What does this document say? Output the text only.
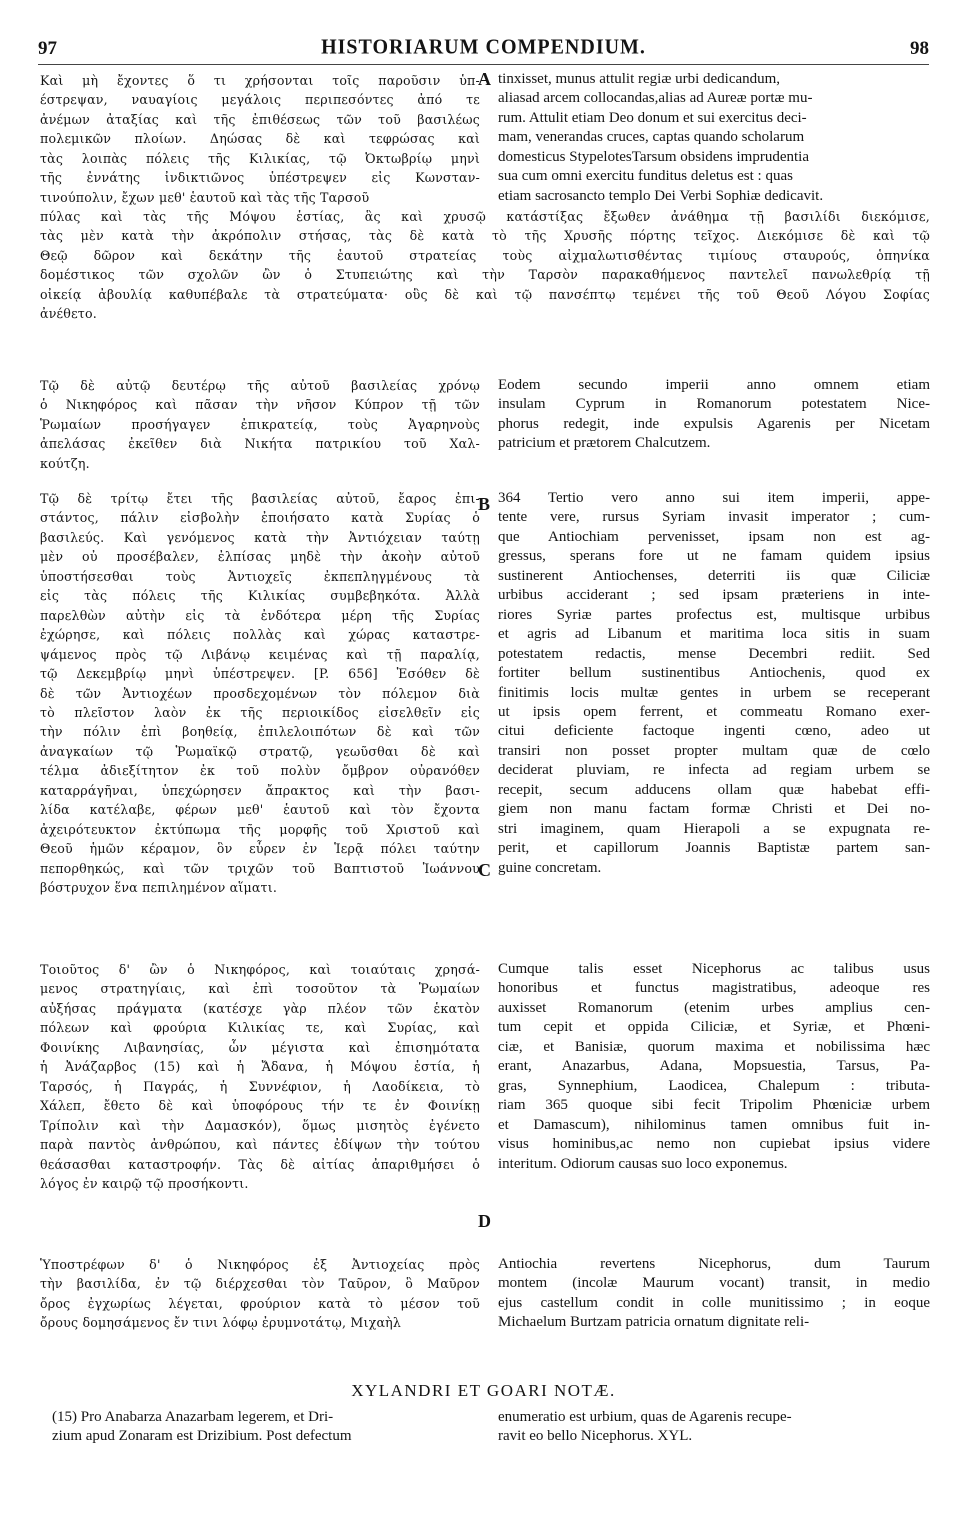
97	HISTORIARUM COMPENDIUM.	98
Καὶ μὴ ἔχοντες ὅ τι χρήσονται τοῖς παροῦσιν ὑπ-
έστρεψαν, ναυαγίοις μεγάλοις περιπεσόντες ἀπό τε
ἀνέμων ἀταξίας καὶ τῆς ἐπιθέσεως τῶν τοῦ βασιλέως
πολεμικῶν πλοίων. Δηώσας δὲ καὶ τεφρώσας καὶ
τὰς λοιπὰς πόλεις τῆς Κιλικίας, τῷ Ὀκτωβρίῳ μηνὶ
τῆς ἐννάτης ἰνδικτιῶνος ὑπέστρεψεν εἰς Κωνσταν-
τινούπολιν, ἔχων μεθ' ἑαυτοῦ καὶ τὰς τῆς Ταρσοῦ
tinxisset, munus attulit regiæ urbi dedicandum,
aliasad arcem collocandas,alias ad Aureæ portæ mu-
rum. Attulit etiam Deo donum et sui exercitus deci-
mam, venerandas cruces, captas quando scholarum
domesticus StypelotesTarsum obsidens imprudentia
sua cum omni exercitu funditus deletus est : quas
etiam sacrosancto templo Dei Verbi Sophiæ dedicavit.
πύλας καὶ τὰς τῆς Μόψου ἑστίας, ἃς καὶ χρυσῷ κατάστίξας ἔξωθεν ἀνάθημα τῇ βασιλίδι διεκόμισε,
τὰς μὲν κατὰ τὴν ἀκρόπολιν στήσας, τὰς δὲ κατὰ τὸ τῆς Χρυσῆς πόρτης τεῖχος. Διεκόμισε δὲ καὶ τῷ
Θεῷ δῶρον καὶ δεκάτην τῆς ἑαυτοῦ στρατείας τοὺς αἰχμαλωτισθέντας τιμίους σταυρούς, ὁπηνίκα
δομέστικος τῶν σχολῶν ὢν ὁ Στυπειώτης καὶ τὴν Ταρσὸν παρακαθήμενος παντελεῖ πανωλεθρίᾳ τῇ
οἰκείᾳ ἀβουλίᾳ καθυπέβαλε τὰ στρατεύματα· οὓς δὲ καὶ τῷ πανσέπτῳ τεμένει τῆς τοῦ Θεοῦ Λόγου Σοφίας
ἀνέθετο.
Τῷ δὲ αὐτῷ δευτέρῳ τῆς αὐτοῦ βασιλείας χρόνῳ
ὁ Νικηφόρος καὶ πᾶσαν τὴν νῆσον Κύπρον τῇ τῶν
Ῥωμαίων προσήγαγεν ἐπικρατείᾳ, τοὺς Ἀγαρηνοὺς
ἀπελάσας ἐκεῖθεν διὰ Νικήτα πατρικίου τοῦ Χαλ-
κούτζη.
Eodem secundo imperii anno omnem etiam
insulam Cyprum in Romanorum potestatem Nice-
phorus redegit, inde expulsis Agarenis per Nicetam
patricium et prætorem Chalcutzem.
Τῷ δὲ τρίτῳ ἔτει τῆς βασιλείας αὐτοῦ, ἔαρος ἐπι-
στάντος, πάλιν εἰσβολὴν ἐποιήσατο κατὰ Συρίας ὁ
βασιλεύς. Καὶ γενόμενος κατὰ τὴν Ἀντιόχειαν ταύτῃ
μὲν οὐ προσέβαλεν, ἐλπίσας μηδὲ τὴν ἀκοὴν αὐτοῦ
ὑποστήσεσθαι τοὺς Ἀντιοχεῖς ἐκπεπληγμένους τὰ
εἰς τὰς πόλεις τῆς Κιλικίας συμβεβηκότα. Ἀλλὰ
παρελθὼν αὐτὴν εἰς τὰ ἐνδότερα μέρη τῆς Συρίας
ἐχώρησε, καὶ πόλεις πολλὰς καὶ χώρας καταστρε-
ψάμενος πρὸς τῷ Λιβάνῳ κειμένας καὶ τῇ παραλίᾳ,
τῷ Δεκεμβρίῳ μηνὶ ὑπέστρεψεν. [P. 656] Ἐσόθεν δὲ
δὲ τῶν Ἀντιοχέων προσδεχομένων τὸν πόλεμον διὰ
τὸ πλεῖστον λαὸν ἐκ τῆς περιοικίδος εἰσελθεῖν εἰς
τὴν πόλιν ἐπὶ βοηθείᾳ, ἐπιλελοιπότων δὲ καὶ τῶν
ἀναγκαίων τῷ Ῥωμαϊκῷ στρατῷ, γεωῦσθαι δὲ καὶ
τέλμα ἀδιεξίτητον ἐκ τοῦ πολὺν ὄμβρον οὐρανόθεν
καταρράγῆναι, ὑπεχώρησεν ἄπρακτος καὶ τὴν βασι-
λίδα κατέλαβε, φέρων μεθ' ἑαυτοῦ καὶ τὸν ἔχοντα
ἀχειρότευκτον ἐκτύπωμα τῆς μορφῆς τοῦ Χριστοῦ καὶ
Θεοῦ ἡμῶν κέραμον, ὃν εὗρεν ἐν Ἱερᾷ πόλει ταύτην
πεπορθηκώς, καὶ τῶν τριχῶν τοῦ Βαπτιστοῦ Ἰωάννου
βόστρυχον ἕνα πεπιλημένον αἵματι.
364 Tertio vero anno sui item imperii, appe-
tente vere, rursus Syriam invasit imperator ; cum-
que Antiochiam pervenisset, ipsam non est ag-
gressus, sperans fore ut ne famam quidem ipsius
sustinerent Antiochenses, deterriti iis quæ Ciliciæ
urbibus acciderant ; sed ipsam præteriens in inte-
riores Syriæ partes profectus est, multisque urbibus
et agris ad Libanum et maritima loca sitis in suam
potestatem redactis, mense Decembri rediit. Sed
fortiter bellum sustinentibus Antiochenis, quod ex
finitimis locis multæ gentes in urbem se receperant
ut ipsis opem ferrent, et commeatu Romano exer-
citui deficiente factoque ingenti cœno, adeo ut
transiri non posset propter multam quæ de cœlo
deciderat pluviam, re infecta ad regiam urbem se
recepit, secum adducens ollam quæ habebat effi-
giem non manu factam formæ Christi et Dei no-
stri imaginem, quam Hierapoli a se expugnata re-
perit, et capillorum Joannis Baptistæ partem san-
guine concretam.
Τοιοῦτος δ' ὢν ὁ Νικηφόρος, καὶ τοιαύταις χρησά-
μενος στρατηγίαις, καὶ ἐπὶ τοσοῦτον τὰ Ῥωμαίων
αὐξήσας πράγματα (κατέσχε γὰρ πλέον τῶν ἑκατὸν
πόλεων καὶ φρούρια Κιλικίας τε, καὶ Συρίας, καὶ
Φοινίκης Λιβανησίας, ὧν μέγιστα καὶ ἐπισημότατα
ἡ Ἀνάζαρβος (15) καὶ ἡ Ἄδανα, ἡ Μόψου ἑστία, ἡ
Ταρσός, ἡ Παγράς, ἡ Συννέφιον, ἡ Λαοδίκεια, τὸ
Χάλεπ, ἔθετο δὲ καὶ ὑποφόρους τήν τε ἐν Φοινίκῃ
Τρίπολιν καὶ τὴν Δαμασκόν), ὅμως μισητὸς ἐγένετο
παρὰ παντὸς ἀνθρώπου, καὶ πάντες ἐδίψων τὴν τούτου
θεάσασθαι καταστροφήν. Τὰς δὲ αἰτίας ἀπαριθμήσει ὁ
λόγος ἐν καιρῷ τῷ προσήκοντι.
Cumque talis esset Nicephorus ac talibus usus
honoribus et functus magistratibus, adeoque res
auxisset Romanorum (etenim urbes amplius cen-
tum cepit et oppida Ciliciæ, et Syriæ, et Phœni-
ciæ, et Banisiæ, quorum maxima et nobilissima hæc
erant, Anazarbus, Adana, Mopsuestia, Tarsus, Pa-
gras, Synnephium, Laodicea, Chalepum : tributa-
riam 365 quoque sibi fecit Tripolim Phœniciæ urbem
et Damascum), nihilominus tamen omnibus fuit in-
visus hominibus,ac nemo non cupiebat ipsius videre
interitum. Odiorum causas suo loco exponemus.
Ὑποστρέφων δ' ὁ Νικηφόρος ἐξ Ἀντιοχείας πρὸς
τὴν βασιλίδα, ἐν τῷ διέρχεσθαι τὸν Ταῦρον, ὃ Μαῦρον
ὄρος ἐγχωρίως λέγεται, φρούριον κατὰ τὸ μέσον τοῦ
ὄρους δομησάμενος ἔν τινι λόφῳ ἐρυμνοτάτῳ, Μιχαὴλ
Antiochia revertens Nicephorus, dum Taurum
montem (incolæ Maurum vocant) transit, in medio
ejus castellum condit in colle munitissimo ; in eoque
Michaelum Burtzam patricia ornatum dignitate reli-
(15) Pro Anabarza Anazarbam legerem, et Dri-
zium apud Zonaram est Drizibium. Post defectum
enumeratio est urbium, quas de Agarenis recupe-
ravit eo bello Nicephorus. XYL.
A
B
C
D
XYLANDRI ET GOARI NOTÆ.
